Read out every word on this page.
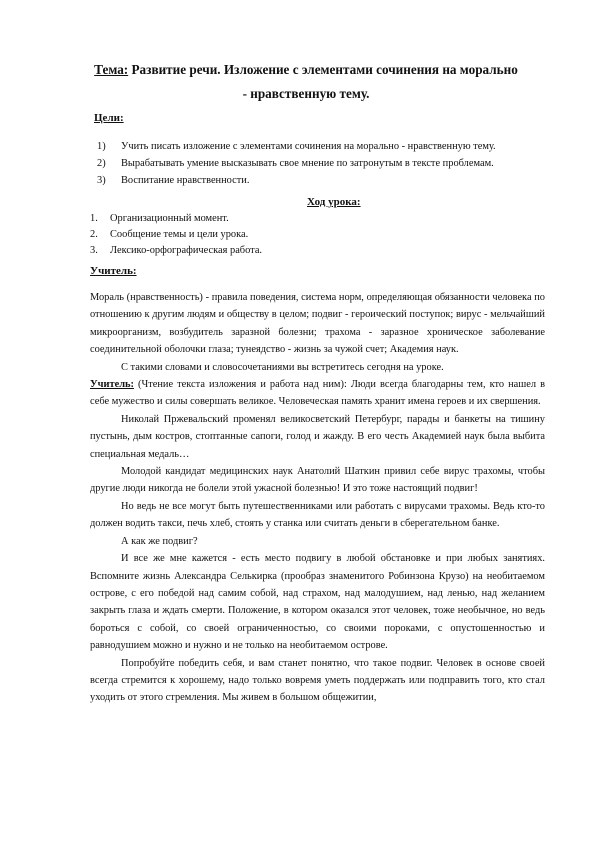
Тема: Развитие речи. Изложение с элементами сочинения на морально - нравственную тему.
Цели:
1) Учить писать изложение с элементами сочинения на морально - нравственную тему.
2) Вырабатывать умение высказывать свое мнение по затронутым в тексте проблемам.
3) Воспитание нравственности.
Ход урока:
1. Организационный момент.
2. Сообщение темы и цели урока.
3. Лексико-орфографическая работа.
Учитель:

Мораль (нравственность) - правила поведения, система норм, определяющая обязанности человека по отношению к другим людям и обществу в целом; подвиг - героический поступок; вирус - мельчайший микроорганизм, возбудитель заразной болезни; трахома - заразное хроническое заболевание соединительной оболочки глаза; тунеядство - жизнь за чужой счет; Академия наук.

С такими словами и словосочетаниями вы встретитесь сегодня на уроке.

Учитель: (Чтение текста изложения и работа над ним): Люди всегда благодарны тем, кто нашел в себе мужество и силы совершать великое. Человеческая память хранит имена героев и их свершения.

Николай Пржевальский променял великосветский Петербург, парады и банкеты на тишину пустынь, дым костров, стоптанные сапоги, голод и жажду. В его честь Академией наук была выбита специальная медаль…

Молодой кандидат медицинских наук Анатолий Шаткин привил себе вирус трахомы, чтобы другие люди никогда не болели этой ужасной болезнью! И это тоже настоящий подвиг!

Но ведь не все могут быть путешественниками или работать с вирусами трахомы. Ведь кто-то должен водить такси, печь хлеб, стоять у станка или считать деньги в сберегательном банке.

А как же подвиг?

И все же мне кажется - есть место подвигу в любой обстановке и при любых занятиях. Вспомните жизнь Александра Селькирка (прообраз знаменитого Робинзона Крузо) на необитаемом острове, с его победой над самим собой, над страхом, над малодушием, над ленью, над желанием закрыть глаза и ждать смерти. Положение, в котором оказался этот человек, тоже необычное, но ведь бороться с собой, со своей ограниченностью, со своими пороками, с опустошенностью и равнодушием можно и нужно и не только на необитаемом острове.

Попробуйте победить себя, и вам станет понятно, что такое подвиг. Человек в основе своей всегда стремится к хорошему, надо только вовремя уметь поддержать или подправить того, кто стал уходить от этого стремления. Мы живем в большом общежитии,
